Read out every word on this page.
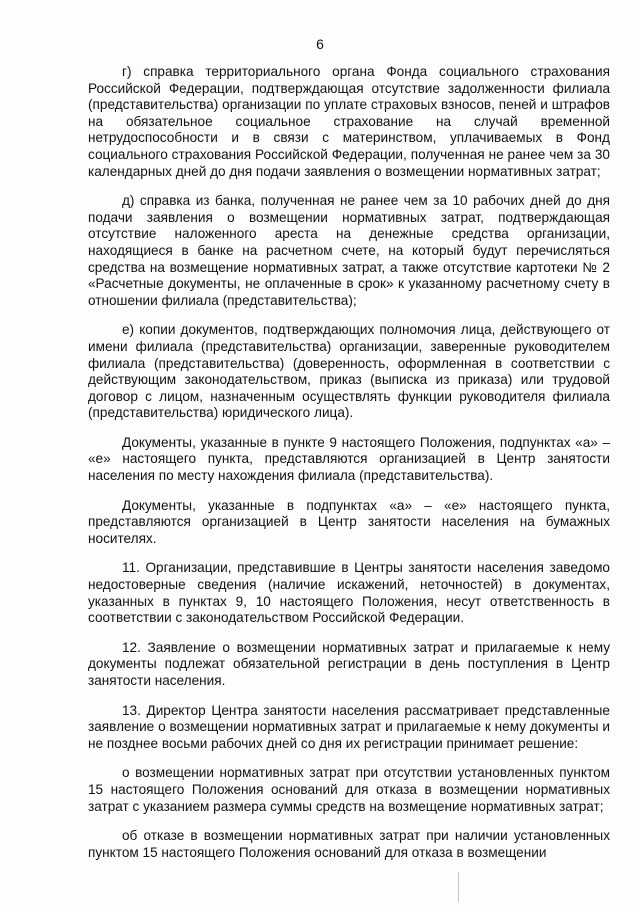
6

г) справка территориального органа Фонда социального страхования Российской Федерации, подтверждающая отсутствие задолженности филиала (представительства) организации по уплате страховых взносов, пеней и штрафов на обязательное социальное страхование на случай временной нетрудоспособности и в связи с материнством, уплачиваемых в Фонд социального страхования Российской Федерации, полученная не ранее чем за 30 календарных дней до дня подачи заявления о возмещении нормативных затрат;

д) справка из банка, полученная не ранее чем за 10 рабочих дней до дня подачи заявления о возмещении нормативных затрат, подтверждающая отсутствие наложенного ареста на денежные средства организации, находящиеся в банке на расчетном счете, на который будут перечисляться средства на возмещение нормативных затрат, а также отсутствие картотеки № 2 «Расчетные документы, не оплаченные в срок» к указанному расчетному счету в отношении филиала (представительства);

е) копии документов, подтверждающих полномочия лица, действующего от имени филиала (представительства) организации, заверенные руководителем филиала (представительства) (доверенность, оформленная в соответствии с действующим законодательством, приказ (выписка из приказа) или трудовой договор с лицом, назначенным осуществлять функции руководителя филиала (представительства) юридического лица).

Документы, указанные в пункте 9 настоящего Положения, подпунктах «а» – «е» настоящего пункта, представляются организацией в Центр занятости населения по месту нахождения филиала (представительства).

Документы, указанные в подпунктах «а» – «е» настоящего пункта, представляются организацией в Центр занятости населения на бумажных носителях.

11. Организации, представившие в Центры занятости населения заведомо недостоверные сведения (наличие искажений, неточностей) в документах, указанных в пунктах 9, 10 настоящего Положения, несут ответственность в соответствии с законодательством Российской Федерации.

12. Заявление о возмещении нормативных затрат и прилагаемые к нему документы подлежат обязательной регистрации в день поступления в Центр занятости населения.

13. Директор Центра занятости населения рассматривает представленные заявление о возмещении нормативных затрат и прилагаемые к нему документы и не позднее восьми рабочих дней со дня их регистрации принимает решение:

о возмещении нормативных затрат при отсутствии установленных пунктом 15 настоящего Положения оснований для отказа в возмещении нормативных затрат с указанием размера суммы средств на возмещение нормативных затрат;

об отказе в возмещении нормативных затрат при наличии установленных пунктом 15 настоящего Положения оснований для отказа в возмещении
